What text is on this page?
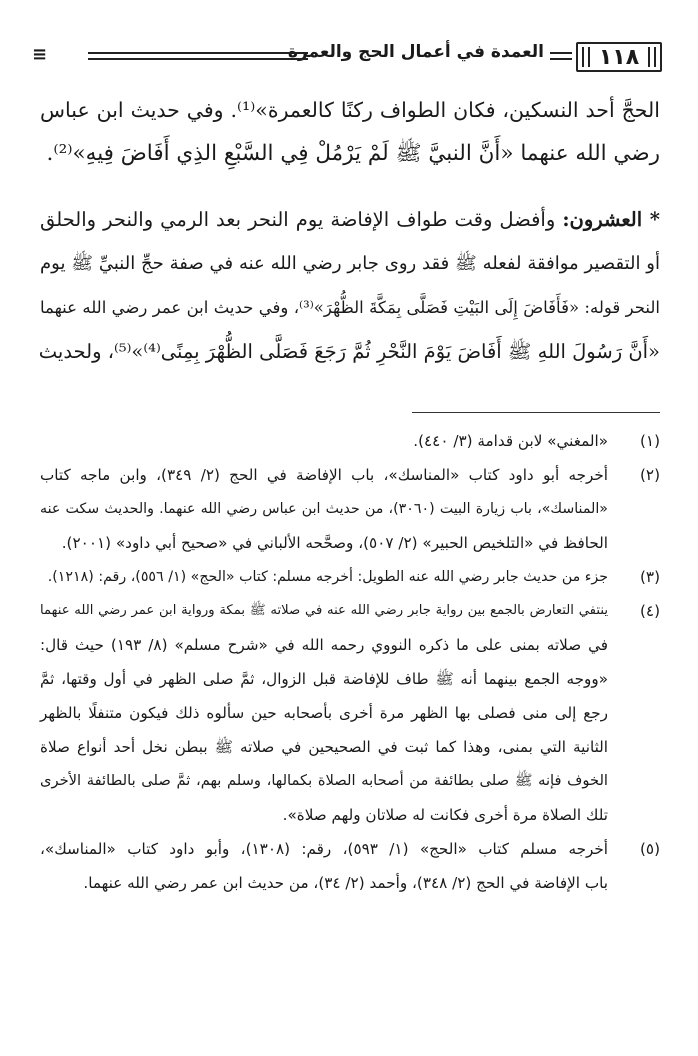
١١٨
العمدة في أعمال الحج والعمرة
≡
الحجَّ أحد النسكين، فكان الطواف ركنًا كالعمرة»⁽¹⁾. وفي حديث ابن عباس
رضي الله عنهما «أَنَّ النبيَّ ﷺ لَمْ يَرْمُلْ فِي السَّبْعِ الذِي أَفَاضَ فِيهِ»⁽²⁾.
* العشرون: وأفضل وقت طواف الإفاضة يوم النحر بعد الرمي والنحر والحلق
أو التقصير موافقة لفعله ﷺ فقد روى جابر رضي الله عنه في صفة حجِّ النبيِّ ﷺ يوم
النحر قوله: «فَأَفَاضَ إِلَى البَيْتِ فَصَلَّى بِمَكَّةَ الظُّهْرَ»⁽³⁾، وفي حديث ابن عمر رضي الله عنهما
«أَنَّ رَسُولَ اللهِ ﷺ أَفَاضَ يَوْمَ النَّحْرِ ثُمَّ رَجَعَ فَصَلَّى الظُّهْرَ بِمِنًى⁽⁴⁾»⁽⁵⁾، ولحديث
(١)
«المغني» لابن قدامة (٣/ ٤٤٠).
(٢)
أخرجه أبو داود كتاب «المناسك»، باب الإفاضة في الحج (٢/ ٣٤٩)، وابن ماجه كتاب
«المناسك»، باب زيارة البيت (٣٠٦٠)، من حديث ابن عباس رضي الله عنهما. والحديث سكت عنه
الحافظ في «التلخيص الحبير» (٢/ ٥٠٧)، وصحَّحه الألباني في «صحيح أبي داود» (٢٠٠١).
(٣)
جزء من حديث جابر رضي الله عنه الطويل: أخرجه مسلم: كتاب «الحج» (١/ ٥٥٦)، رقم: (١٢١٨).
(٤)
ينتفي التعارض بالجمع بين رواية جابر رضي الله عنه في صلاته ﷺ بمكة ورواية ابن عمر رضي الله عنهما
في صلاته بمنى على ما ذكره النووي رحمه الله في «شرح مسلم» (٨/ ١٩٣) حيث قال:
«ووجه الجمع بينهما أنه ﷺ طاف للإفاضة قبل الزوال، ثمَّ صلى الظهر في أول وقتها، ثمَّ
رجع إلى منى فصلى بها الظهر مرة أخرى بأصحابه حين سألوه ذلك فيكون متنفلًا بالظهر
الثانية التي بمنى، وهذا كما ثبت في الصحيحين في صلاته ﷺ ببطن نخل أحد أنواع صلاة
الخوف فإنه ﷺ صلى بطائفة من أصحابه الصلاة بكمالها، وسلم بهم، ثمَّ صلى بالطائفة الأخرى
تلك الصلاة مرة أخرى فكانت له صلاتان ولهم صلاة».
(٥)
أخرجه مسلم كتاب «الحج» (١/ ٥٩٣)، رقم: (١٣٠٨)، وأبو داود كتاب «المناسك»،
باب الإفاضة في الحج (٢/ ٣٤٨)، وأحمد (٢/ ٣٤)، من حديث ابن عمر رضي الله عنهما.
